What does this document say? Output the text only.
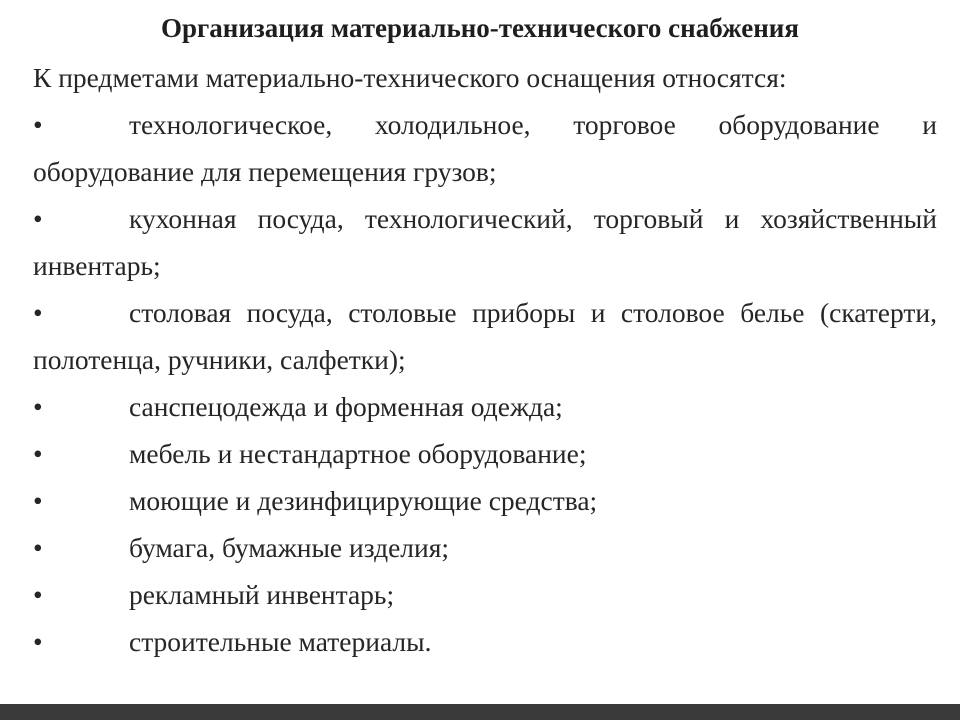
Организация материально-технического снабжения
К предметами материально-технического оснащения относятся:
•	технологическое, холодильное, торговое оборудование и оборудование для перемещения грузов;
•	кухонная посуда, технологический, торговый и хозяйственный инвентарь;
•	столовая посуда, столовые приборы и столовое белье (скатерти, полотенца, ручники, салфетки);
•	санспецодежда и форменная одежда;
•	мебель и нестандартное оборудование;
•	моющие и дезинфицирующие средства;
•	бумага, бумажные изделия;
•	рекламный инвентарь;
•	строительные материалы.
